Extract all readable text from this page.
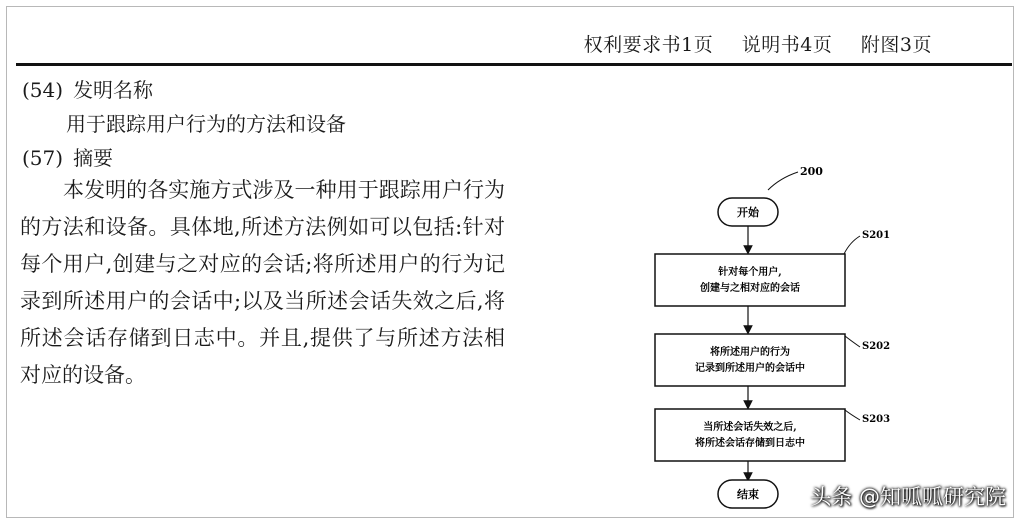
权利要求书1页 说明书4页 附图3页
(54) 发明名称
用于跟踪用户行为的方法和设备
(57) 摘要
本发明的各实施方式涉及一种用于跟踪用户行为的方法和设备。具体地,所述方法例如可以包括:针对每个用户,创建与之对应的会话;将所述用户的行为记录到所述用户的会话中;以及当所述会话失效之后,将所述会话存储到日志中。并且,提供了与所述方法相对应的设备。
200
开始
S201
针对每个用户,
创建与之相对应的会话
S202
将所述用户的行为
记录到所述用户的会话中
S203
当所述会话失效之后,
将所述会话存储到日志中
结束 头条 @知呱呱研究院
